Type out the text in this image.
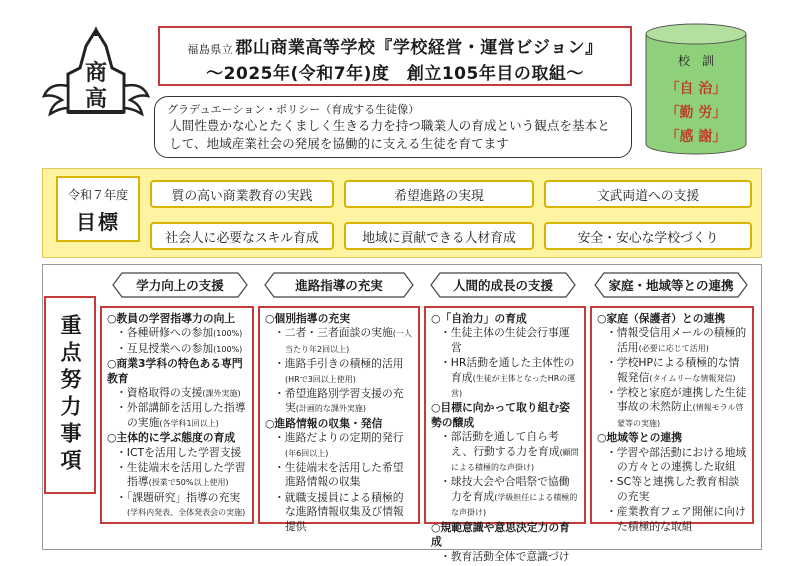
商
高
福島県立 郡山商業高等学校『学校経営・運営ビジョン』
～2025年(令和7年)度　創立105年目の取組～
校　訓
「自 治」
「勤 労」
「感 謝」
グラデュエーション・ポリシー（育成する生徒像）
人間性豊かな心とたくましく生きる力を持つ職業人の育成という観点を基本として、地域産業社会の発展を協働的に支える生徒を育てます
令和７年度
目標
質の高い商業教育の実践	希望進路の実現	文武両道への支援
社会人に必要なスキル育成	地域に貢献できる人材育成	安全・安心な学校づくり
重点努力事項
学力向上の支援	進路指導の充実	人間的成長の支援	家庭・地域等との連携
○教員の学習指導力の向上
・各種研修への参加(100%)
・互見授業への参加(100%)
○商業3学科の特色ある専門教育
・資格取得の支援(課外実施)
・外部講師を活用した指導の実施(各学科1回以上)
○主体的に学ぶ態度の育成
・ICTを活用した学習支援
・生徒端末を活用した学習指導(授業で50%以上使用)
・「課題研究」指導の充実(学科内発表、全体発表会の実施)
○個別指導の充実
・二者・三者面談の実施(一人当たり年2回以上)
・進路手引きの積極的活用(HRで3回以上使用)
・希望進路別学習支援の充実(計画的な課外実施)
○進路情報の収集・発信
・進路だよりの定期的発行(年6回以上)
・生徒端末を活用した希望進路情報の収集
・就職支援員による積極的な進路情報収集及び情報提供
○「自治力」の育成
・生徒主体の生徒会行事運営
・HR活動を通した主体性の育成(生徒が主体となったHRの運営)
○目標に向かって取り組む姿勢の醸成
・部活動を通して自ら考え、行動する力を育成(顧問による積極的な声掛け)
・球技大会や合唱祭で協働力を育成(学級担任による積極的な声掛け)
○規範意識や意思決定力の育成
・教育活動全体で意識づけ
○家庭（保護者）との連携
・情報受信用メールの積極的活用(必要に応じて活用)
・学校HPによる積極的な情報発信(タイムリーな情報発信)
・学校と家庭が連携した生徒事故の未然防止(情報モラル啓蒙等の実施)
○地域等との連携
・学習や部活動における地域の方々との連携した取組
・SC等と連携した教育相談の充実
・産業教育フェア開催に向けた積極的な取組
